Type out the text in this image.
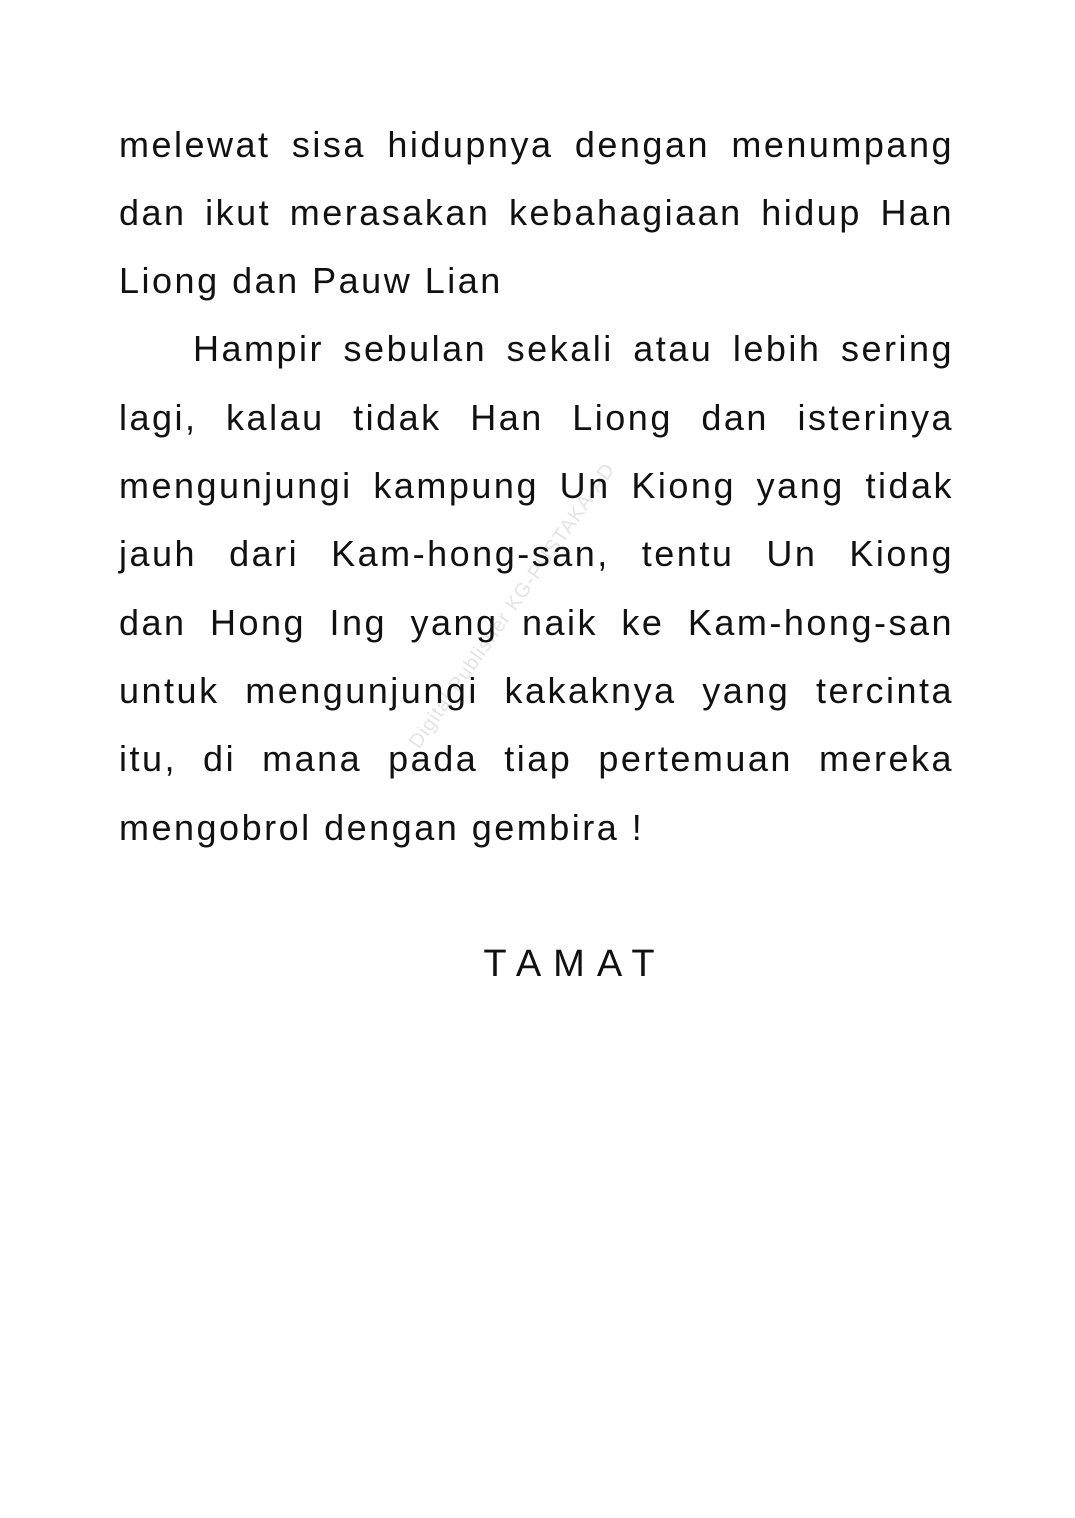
Digital Publisher KG-PUSTAKA-AD
melewat sisa hidupnya dengan menumpang
dan ikut merasakan kebahagiaan hidup Han
Liong dan Pauw Lian
Hampir sebulan sekali atau lebih sering
lagi, kalau tidak Han Liong dan isterinya
mengunjungi kampung Un Kiong yang tidak
jauh dari Kam-hong-san, tentu Un Kiong
dan Hong Ing yang naik ke Kam-hong-san
untuk mengunjungi kakaknya yang tercinta
itu, di mana pada tiap pertemuan mereka
mengobrol dengan gembira !
TAMAT
